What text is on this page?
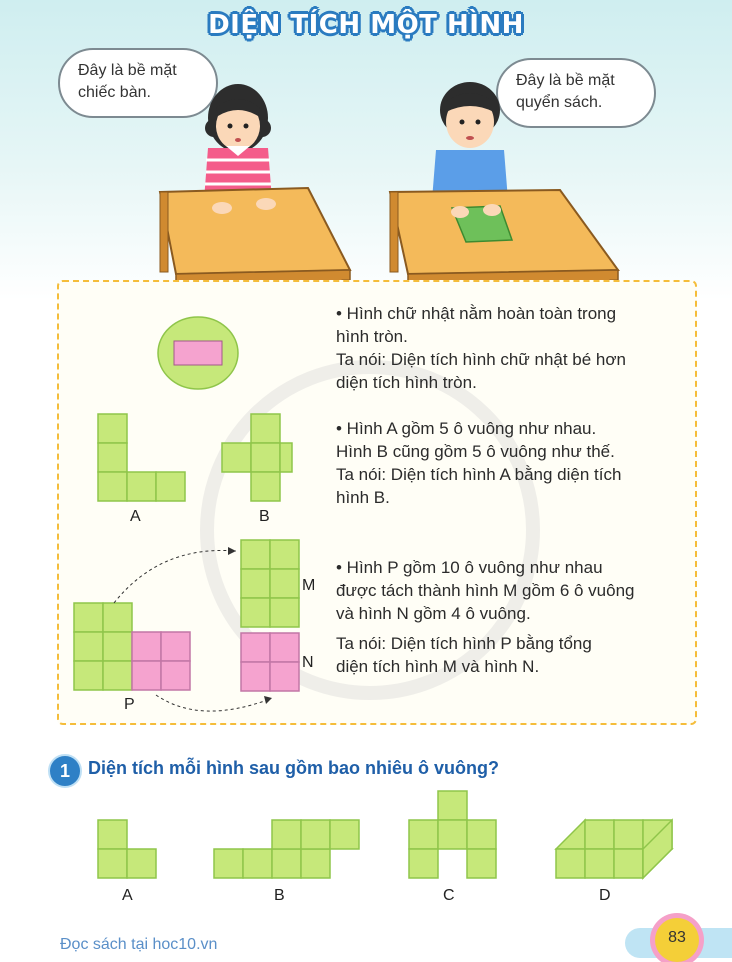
DIỆN TÍCH MỘT HÌNH
Đây là bề mặt
chiếc bàn.
Đây là bề mặt
quyển sách.
A	B
M
N
P
• Hình chữ nhật nằm hoàn toàn trong
hình tròn.
Ta nói: Diện tích hình chữ nhật bé hơn
diện tích hình tròn.
• Hình A gồm 5 ô vuông như nhau.
Hình B cũng gồm 5 ô vuông như thế.
Ta nói: Diện tích hình A bằng diện tích
hình B.
• Hình P gồm 10 ô vuông như nhau
được tách thành hình M gồm 6 ô vuông
và hình N gồm 4 ô vuông.
Ta nói: Diện tích hình P bằng tổng
diện tích hình M và hình N.
1	Diện tích mỗi hình sau gồm bao nhiêu ô vuông?
A	B	C	D
Đọc sách tại hoc10.vn	83
